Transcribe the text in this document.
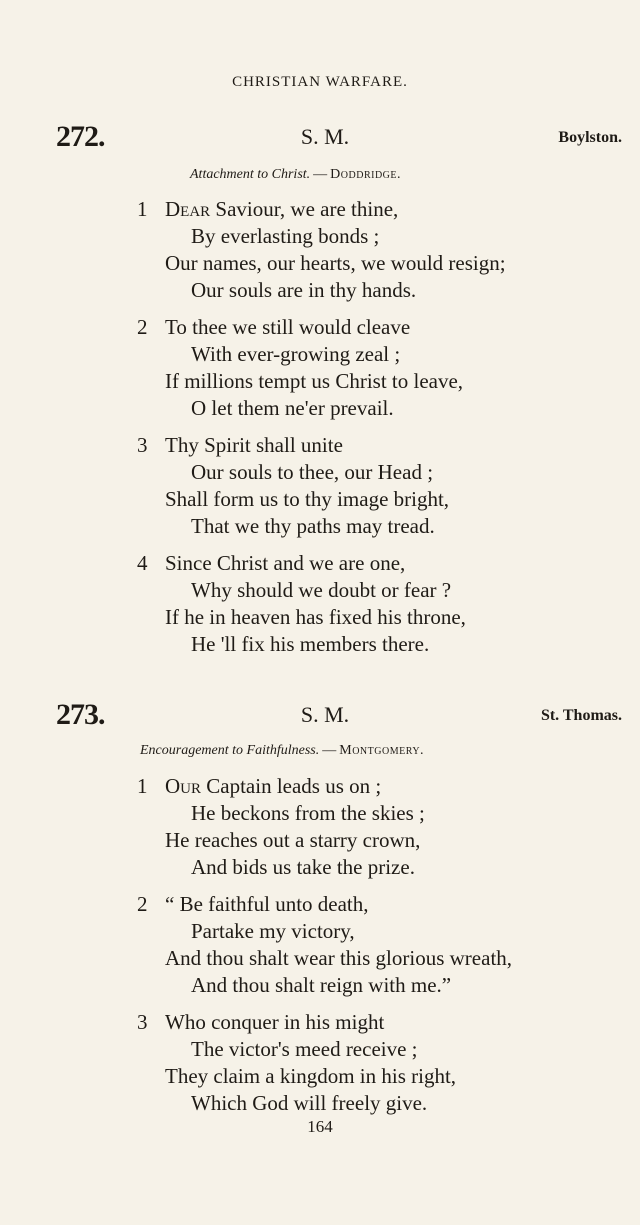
CHRISTIAN WARFARE.
272.	S. M.	Boylston.
Attachment to Christ. — Doddridge.
1 Dear Saviour, we are thine,
By everlasting bonds ;
Our names, our hearts, we would resign;
Our souls are in thy hands.
2 To thee we still would cleave
With ever-growing zeal ;
If millions tempt us Christ to leave,
O let them ne'er prevail.
3 Thy Spirit shall unite
Our souls to thee, our Head ;
Shall form us to thy image bright,
That we thy paths may tread.
4 Since Christ and we are one,
Why should we doubt or fear ?
If he in heaven has fixed his throne,
He 'll fix his members there.
273.	S. M.	St. Thomas.
Encouragement to Faithfulness. — Montgomery.
1 Our Captain leads us on ;
He beckons from the skies ;
He reaches out a starry crown,
And bids us take the prize.
2 “ Be faithful unto death,
Partake my victory,
And thou shalt wear this glorious wreath,
And thou shalt reign with me.”
3 Who conquer in his might
The victor's meed receive ;
They claim a kingdom in his right,
Which God will freely give.
164
